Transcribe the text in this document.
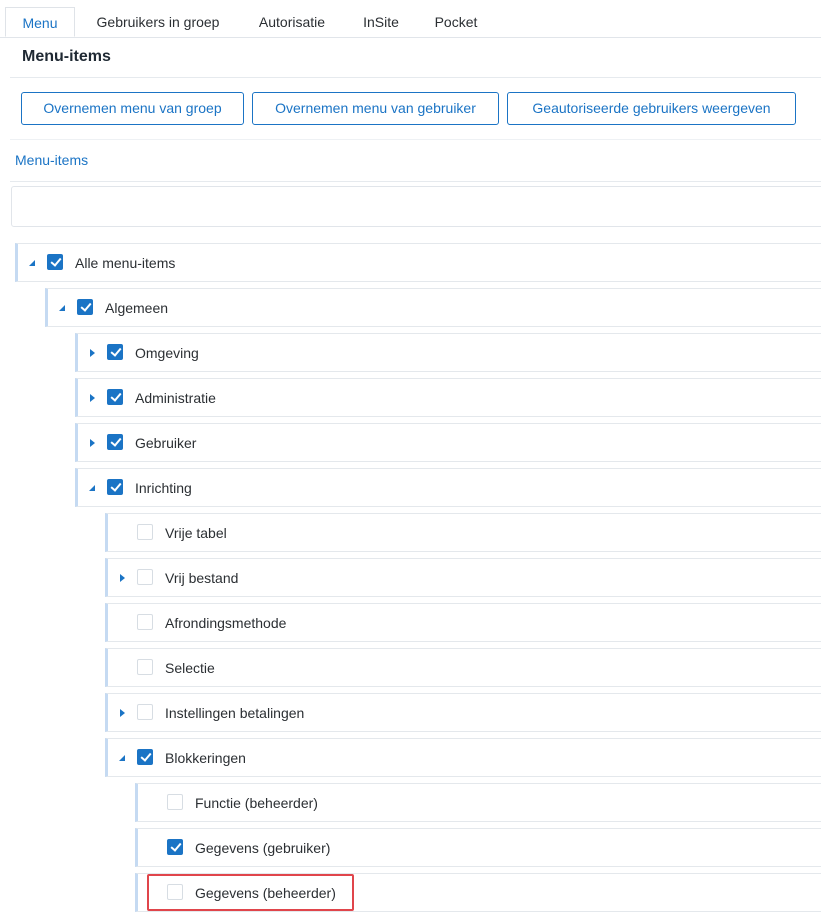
Menu	Gebruikers in groep	Autorisatie	InSite	Pocket
Menu-items
Overnemen menu van groep	Overnemen menu van gebruiker	Geautoriseerde gebruikers weergeven
Menu-items
Alle menu-items
Algemeen
Omgeving
Administratie
Gebruiker
Inrichting
Vrije tabel
Vrij bestand
Afrondingsmethode
Selectie
Instellingen betalingen
Blokkeringen
Functie (beheerder)
Gegevens (gebruiker)
Gegevens (beheerder)
